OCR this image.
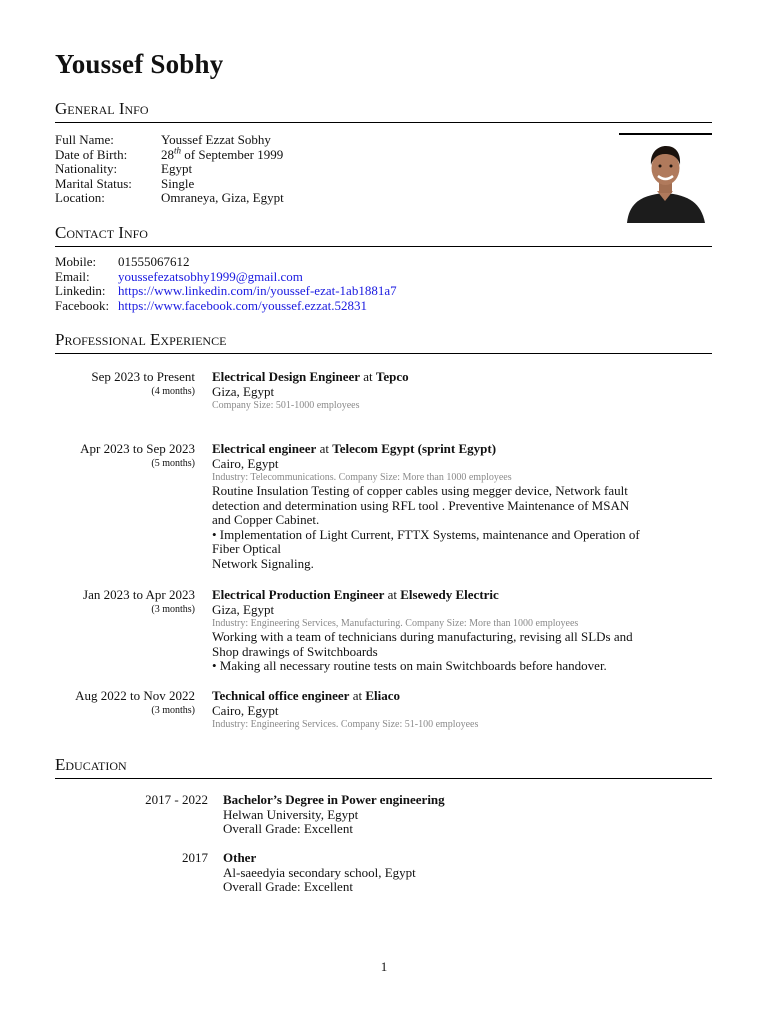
Youssef Sobhy
General Info
Full Name:	Youssef Ezzat Sobhy
Date of Birth:	28th of September 1999
Nationality:	Egypt
Marital Status:	Single
Location:	Omraneya, Giza, Egypt
Contact Info
Mobile:	01555067612
Email:	youssefezatsobhy1999@gmail.com
Linkedin: https://www.linkedin.com/in/youssef-ezat-1ab1881a7
Facebook: https://www.facebook.com/youssef.ezzat.52831
Professional Experience
Sep 2023 to Present
(4 months)
Electrical Design Engineer at Tepco
Giza, Egypt
Company Size: 501-1000 employees
Apr 2023 to Sep 2023
(5 months)
Electrical engineer at Telecom Egypt (sprint Egypt)
Cairo, Egypt
Industry: Telecommunications. Company Size: More than 1000 employees
Routine Insulation Testing of copper cables using megger device, Network fault
detection and determination using RFL tool . Preventive Maintenance of MSAN
and Copper Cabinet.
• Implementation of Light Current, FTTX Systems, maintenance and Operation of
Fiber Optical
Network Signaling.
Jan 2023 to Apr 2023
(3 months)
Electrical Production Engineer at Elsewedy Electric
Giza, Egypt
Industry: Engineering Services, Manufacturing. Company Size: More than 1000 employees
Working with a team of technicians during manufacturing, revising all SLDs and
Shop drawings of Switchboards
• Making all necessary routine tests on main Switchboards before handover.
Aug 2022 to Nov 2022
(3 months)
Technical office engineer at Eliaco
Cairo, Egypt
Industry: Engineering Services. Company Size: 51-100 employees
Education
2017 - 2022 Bachelor’s Degree in Power engineering
Helwan University, Egypt
Overall Grade: Excellent
2017 Other
Al-saeedyia secondary school, Egypt
Overall Grade: Excellent
1
